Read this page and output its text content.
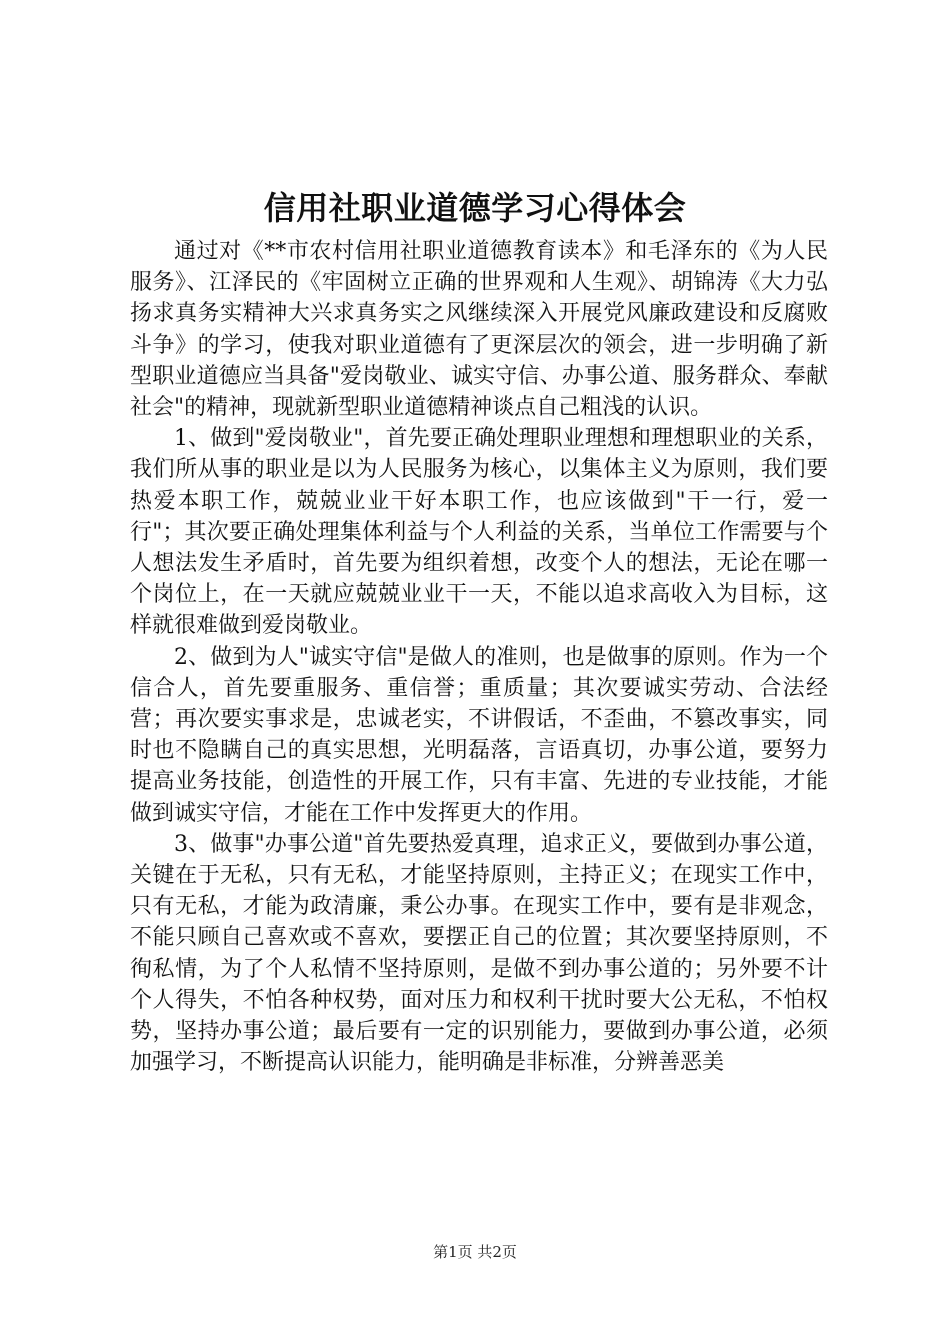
信用社职业道德学习心得体会

通过对《**市农村信用社职业道德教育读本》和毛泽东的《为人民服务》、江泽民的《牢固树立正确的世界观和人生观》、胡锦涛《大力弘扬求真务实精神大兴求真务实之风继续深入开展党风廉政建设和反腐败斗争》的学习，使我对职业道德有了更深层次的领会，进一步明确了新型职业道德应当具备"爱岗敬业、诚实守信、办事公道、服务群众、奉献社会"的精神，现就新型职业道德精神谈点自己粗浅的认识。

1、做到"爱岗敬业"，首先要正确处理职业理想和理想职业的关系，我们所从事的职业是以为人民服务为核心，以集体主义为原则，我们要热爱本职工作，兢兢业业干好本职工作，也应该做到"干一行，爱一行"；其次要正确处理集体利益与个人利益的关系，当单位工作需要与个人想法发生矛盾时，首先要为组织着想，改变个人的想法，无论在哪一个岗位上，在一天就应兢兢业业干一天，不能以追求高收入为目标，这样就很难做到爱岗敬业。

2、做到为人"诚实守信"是做人的准则，也是做事的原则。作为一个信合人，首先要重服务、重信誉；重质量；其次要诚实劳动、合法经营；再次要实事求是，忠诚老实，不讲假话，不歪曲，不篡改事实，同时也不隐瞒自己的真实思想，光明磊落，言语真切，办事公道，要努力提高业务技能，创造性的开展工作，只有丰富、先进的专业技能，才能做到诚实守信，才能在工作中发挥更大的作用。

3、做事"办事公道"首先要热爱真理，追求正义，要做到办事公道，关键在于无私，只有无私，才能坚持原则，主持正义；在现实工作中，只有无私，才能为政清廉，秉公办事。在现实工作中，要有是非观念，不能只顾自己喜欢或不喜欢，要摆正自己的位置；其次要坚持原则，不徇私情，为了个人私情不坚持原则，是做不到办事公道的；另外要不计个人得失，不怕各种权势，面对压力和权利干扰时要大公无私，不怕权势，坚持办事公道；最后要有一定的识别能力，要做到办事公道，必须加强学习，不断提高认识能力，能明确是非标准，分辨善恶美

第1页 共2页
